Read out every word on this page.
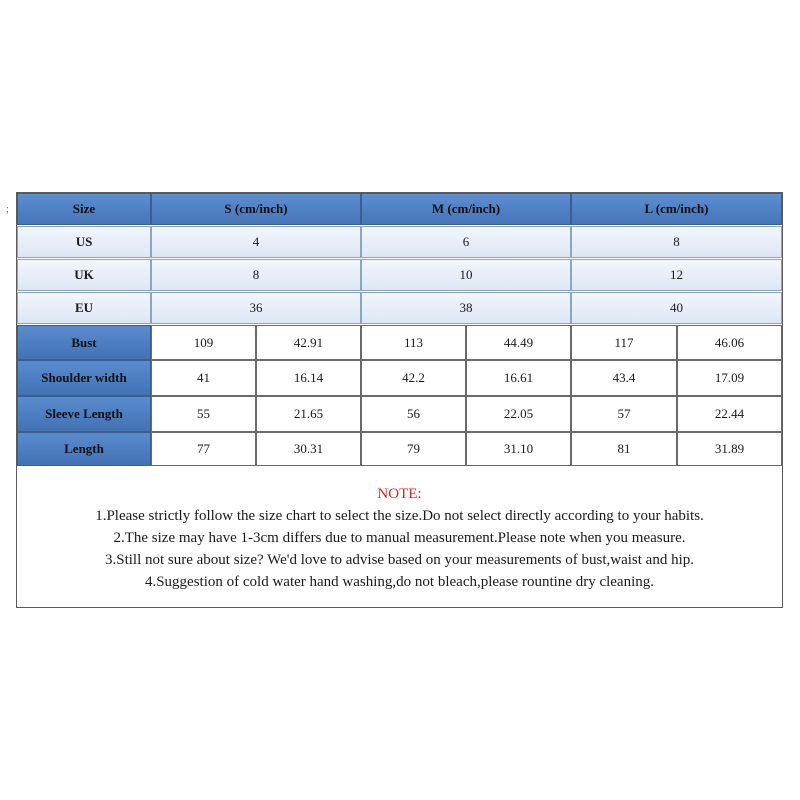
;	Size	S (cm/inch)	M (cm/inch)	L (cm/inch)
US	4	6	8
UK	8	10	12
EU	36	38	40
Bust	109	42.91	113	44.49	117	46.06
Shoulder width	41	16.14	42.2	16.61	43.4	17.09
Sleeve Length	55	21.65	56	22.05	57	22.44
Length	77	30.31	79	31.10	81	31.89
NOTE:
1.Please strictly follow the size chart to select the size.Do not select directly according to your habits.
2.The size may have 1-3cm differs due to manual measurement.Please note when you measure.
3.Still not sure about size? We'd love to advise based on your measurements of bust,waist and hip.
4.Suggestion of cold water hand washing,do not bleach,please rountine dry cleaning.
